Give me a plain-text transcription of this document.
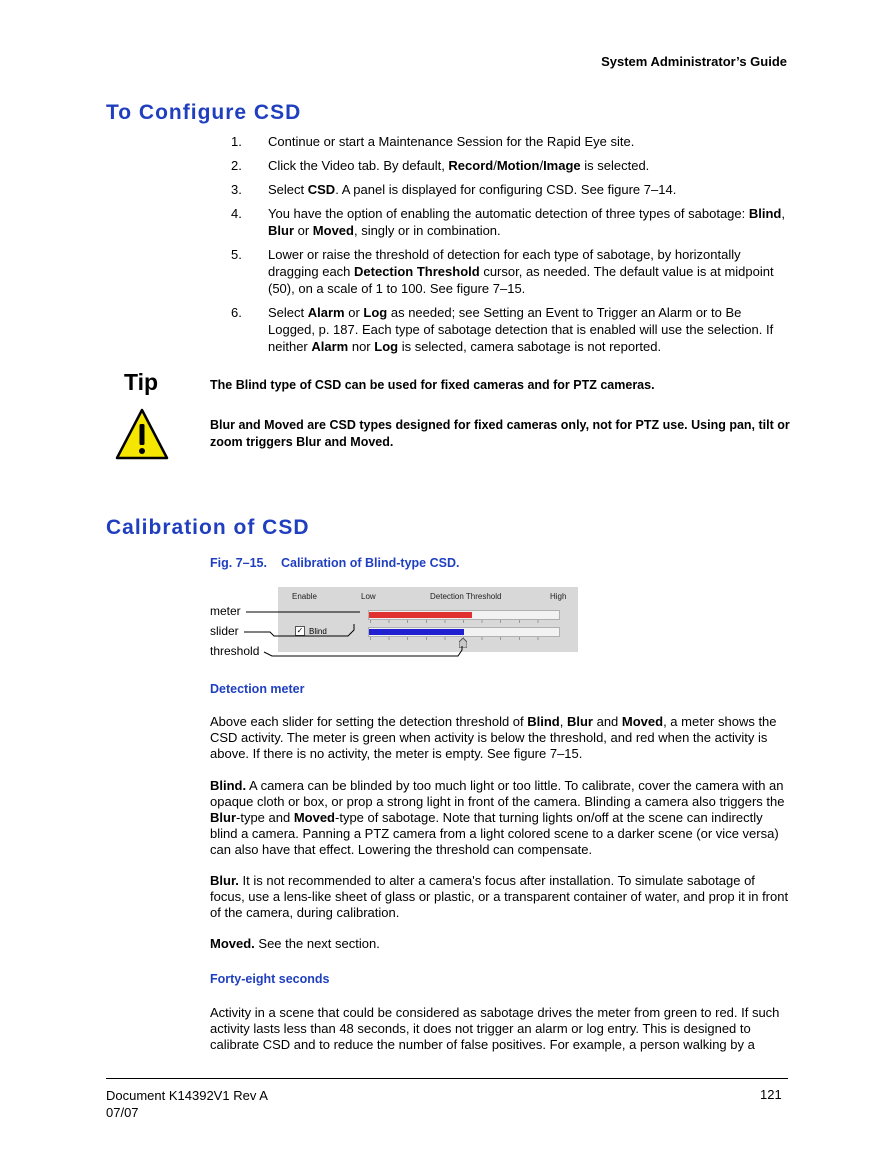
System Administrator’s Guide
To Configure CSD
1.	Continue or start a Maintenance Session for the Rapid Eye site.
2.	Click the Video tab. By default, Record/Motion/Image is selected.
3.	Select CSD. A panel is displayed for configuring CSD. See figure 7–14.
4.	You have the option of enabling the automatic detection of three types of sabotage: Blind, Blur or Moved, singly or in combination.
5.	Lower or raise the threshold of detection for each type of sabotage, by horizontally dragging each Detection Threshold cursor, as needed. The default value is at midpoint (50), on a scale of 1 to 100. See figure 7–15.
6.	Select Alarm or Log as needed; see Setting an Event to Trigger an Alarm or to Be Logged, p. 187. Each type of sabotage detection that is enabled will use the selection. If neither Alarm nor Log is selected, camera sabotage is not reported.
Tip	The Blind type of CSD can be used for fixed cameras and for PTZ cameras.
Blur and Moved are CSD types designed for fixed cameras only, not for PTZ use. Using pan, tilt or zoom triggers Blur and Moved.
Calibration of CSD
Fig. 7–15. Calibration of Blind-type CSD.
Enable	Low	Detection Threshold	High
✓ Blind
meter
slider
threshold
Detection meter
Above each slider for setting the detection threshold of Blind, Blur and Moved, a meter shows the CSD activity. The meter is green when activity is below the threshold, and red when the activity is above. If there is no activity, the meter is empty. See figure 7–15.
Blind. A camera can be blinded by too much light or too little. To calibrate, cover the camera with an opaque cloth or box, or prop a strong light in front of the camera. Blinding a camera also triggers the Blur-type and Moved-type of sabotage. Note that turning lights on/off at the scene can indirectly blind a camera. Panning a PTZ camera from a light colored scene to a darker scene (or vice versa) can also have that effect. Lowering the threshold can compensate.
Blur. It is not recommended to alter a camera's focus after installation. To simulate sabotage of focus, use a lens-like sheet of glass or plastic, or a transparent container of water, and prop it in front of the camera, during calibration.
Moved. See the next section.
Forty-eight seconds
Activity in a scene that could be considered as sabotage drives the meter from green to red. If such activity lasts less than 48 seconds, it does not trigger an alarm or log entry. This is designed to calibrate CSD and to reduce the number of false positives. For example, a person walking by a
Document K14392V1 Rev A
07/07
121
